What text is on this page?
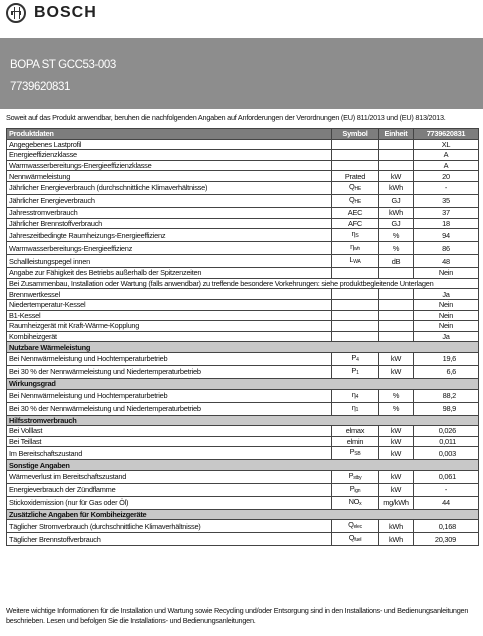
BOSCH
BOPA ST GCC53-003
7739620831
Soweit auf das Produkt anwendbar, beruhen die nachfolgenden Angaben auf Anforderungen der Verordnungen (EU) 811/2013 und (EU) 813/2013.
Produktdaten	Symbol	Einheit	7739620831
Angegebenes Lastprofil			XL
Energieeffizienzklasse			A
Warmwasserbereitungs-Energieeffizienzklasse			A
Nennwärmeleistung	Prated	kW	20
Jährlicher Energieverbrauch (durchschnittliche Klimaverhältnisse)	$Q_{HE}$	kWh	-
Jährlicher Energieverbrauch	$Q_{HE}$	GJ	35
Jahresstromverbrauch	AEC	kWh	37
Jährlicher Brennstoffverbrauch	AFC	GJ	18
Jahreszeitbedingte Raumheizungs-Energieeffizienz	$\eta_S$	%	94
Warmwasserbereitungs-Energieeffizienz	$\eta_{wh}$	%	86
Schallleistungspegel innen	$L_{WA}$	dB	48
Angabe zur Fähigkeit des Betriebs außerhalb der Spitzenzeiten			Nein
Bei Zusammenbau, Installation oder Wartung (falls anwendbar) zu treffende besondere Vorkehrungen: siehe produktbegleitende Unterlagen			
Brennwertkessel			Ja
Niedertemperatur-Kessel			Nein
B1-Kessel			Nein
Raumheizgerät mit Kraft-Wärme-Kopplung			Nein
Kombiheizgerät			Ja
Nutzbare Wärmeleistung			
Bei Nennwärmeleistung und Hochtemperaturbetrieb	$P_4$	kW	19,6
Bei 30 % der Nennwärmeleistung und Niedertemperaturbetrieb	$P_1$	kW	6,6
Wirkungsgrad			
Bei Nennwärmeleistung und Hochtemperaturbetrieb	$\eta_4$	%	88,2
Bei 30 % der Nennwärmeleistung und Niedertemperaturbetrieb	$\eta_1$	%	98,9
Hilfsstromverbrauch			
Bei Volllast	elmax	kW	0,026
Bei Teillast	elmin	kW	0,011
Im Bereitschaftszustand	$P_{SB}$	kW	0,003
Sonstige Angaben			
Wärmeverlust im Bereitschaftszustand	$P_{stby}$	kW	0,061
Energieverbrauch der Zündflamme	$P_{ign}$	kW	-
Stickoxidemission (nur für Gas oder Öl)	$NO_x$	mg/kWh	44
Zusätzliche Angaben für Kombiheizgeräte			
Täglicher Stromverbrauch (durchschnittliche Klimaverhältnisse)	$Q_{elec}$	kWh	0,168
Täglicher Brennstoffverbrauch	$Q_{fuel}$	kWh	20,309
Weitere wichtige Informationen für die Installation und Wartung sowie Recycling und/oder Entsorgung sind in den Installations- und Bedienungsanleitungen beschrieben. Lesen und befolgen Sie die Installations- und Bedienungsanleitungen.
